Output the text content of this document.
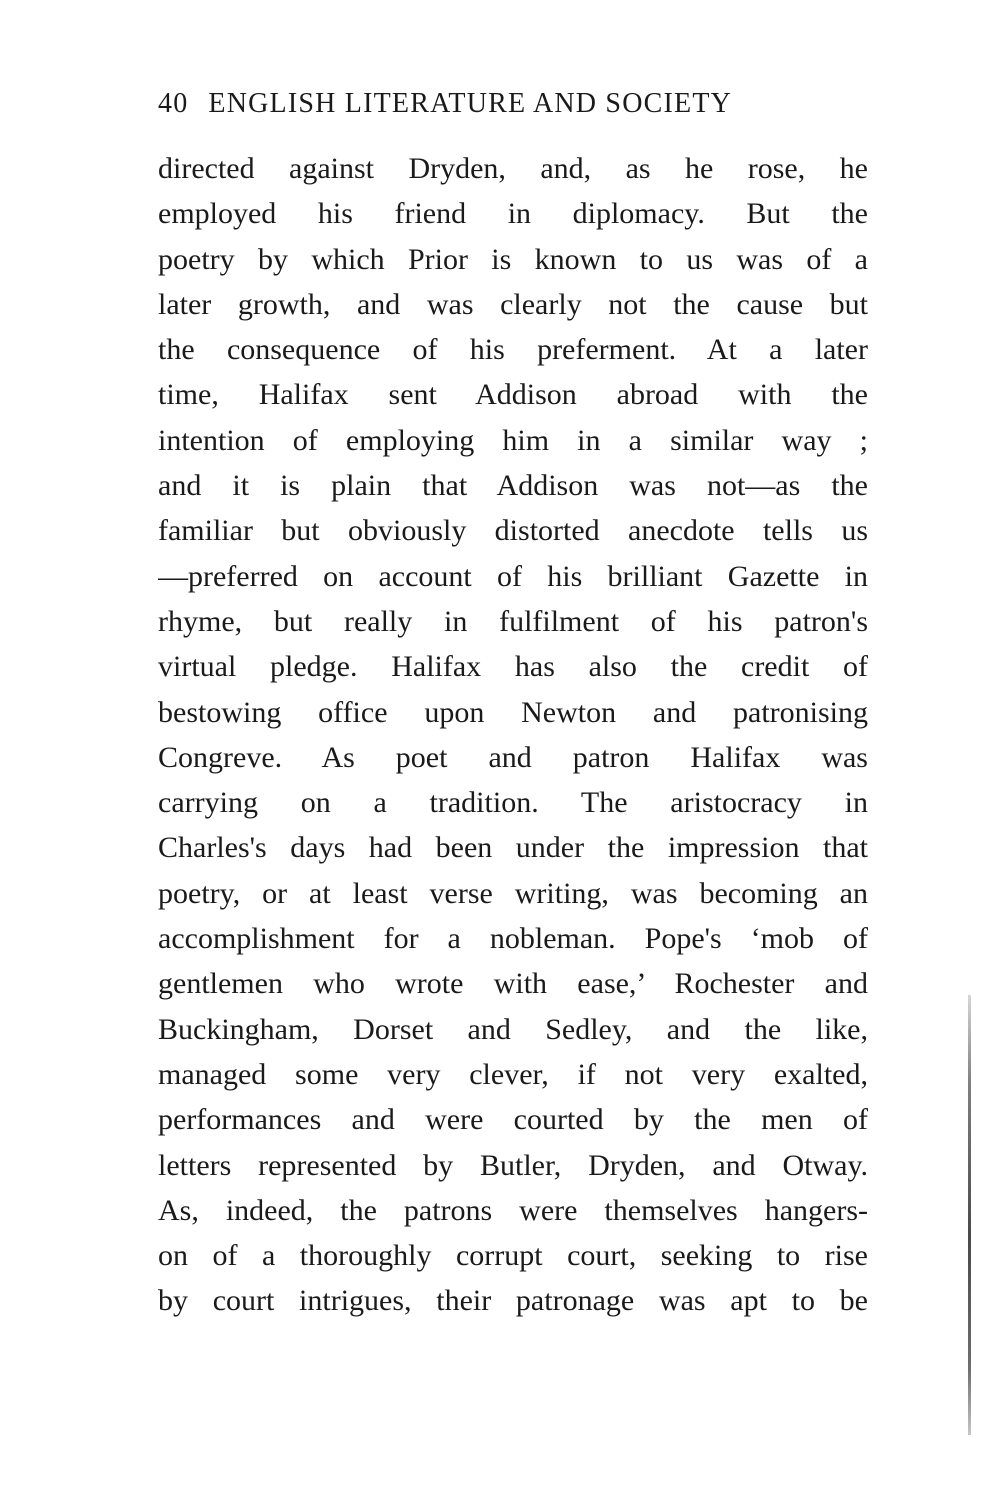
40 ENGLISH LITERATURE AND SOCIETY
directed against Dryden, and, as he rose, he
employed his friend in diplomacy. But the
poetry by which Prior is known to us was of a
later growth, and was clearly not the cause but
the consequence of his preferment. At a later
time, Halifax sent Addison abroad with the
intention of employing him in a similar way ;
and it is plain that Addison was not—as the
familiar but obviously distorted anecdote tells us
—preferred on account of his brilliant Gazette in
rhyme, but really in fulfilment of his patron's
virtual pledge. Halifax has also the credit of
bestowing office upon Newton and patronising
Congreve. As poet and patron Halifax was
carrying on a tradition. The aristocracy in
Charles's days had been under the impression that
poetry, or at least verse writing, was becoming an
accomplishment for a nobleman. Pope's ‘mob of
gentlemen who wrote with ease,’ Rochester and
Buckingham, Dorset and Sedley, and the like,
managed some very clever, if not very exalted,
performances and were courted by the men of
letters represented by Butler, Dryden, and Otway.
As, indeed, the patrons were themselves hangers-
on of a thoroughly corrupt court, seeking to rise
by court intrigues, their patronage was apt to be
